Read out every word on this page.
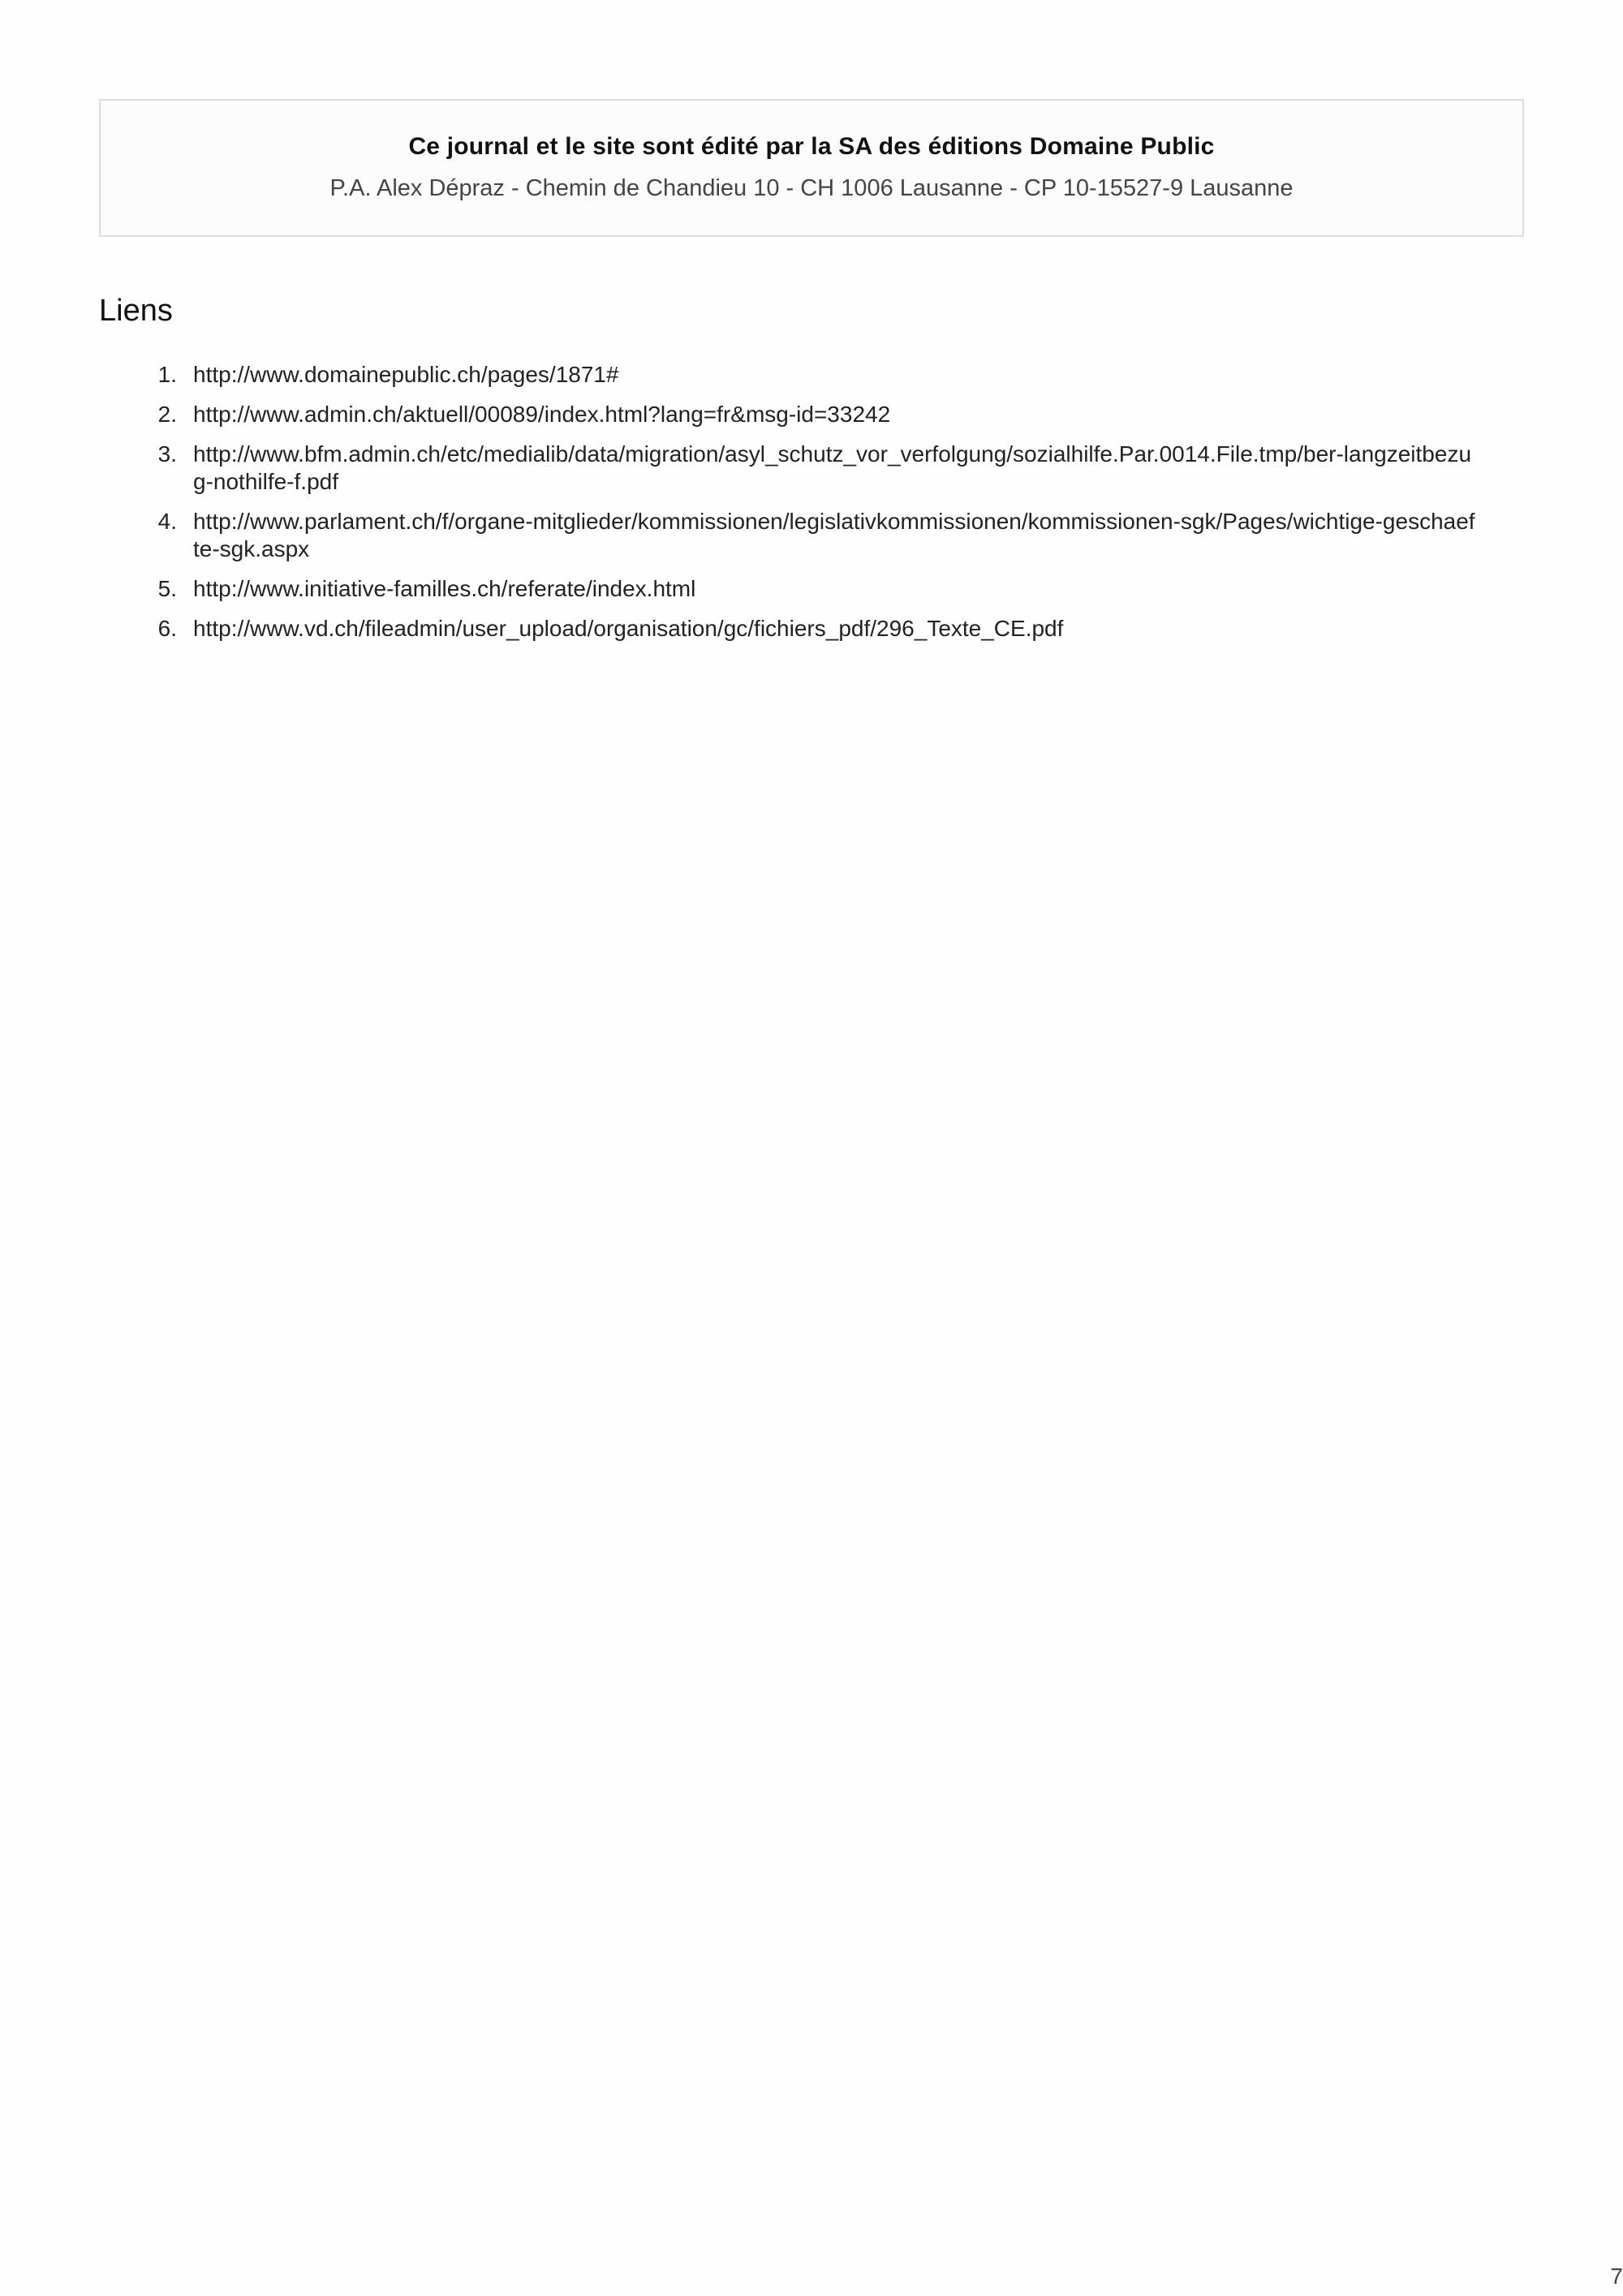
Ce journal et le site sont édité par la SA des éditions Domaine Public
P.A. Alex Dépraz - Chemin de Chandieu 10 - CH 1006 Lausanne - CP 10-15527-9 Lausanne
Liens
1. http://www.domainepublic.ch/pages/1871#
2. http://www.admin.ch/aktuell/00089/index.html?lang=fr&msg-id=33242
3. http://www.bfm.admin.ch/etc/medialib/data/migration/asyl_schutz_vor_verfolgung/sozialhilfe.Par.0014.File.tmp/ber-langzeitbezug-nothilfe-f.pdf
4. http://www.parlament.ch/f/organe-mitglieder/kommissionen/legislativkommissionen/kommissionen-sgk/Pages/wichtige-geschaefte-sgk.aspx
5. http://www.initiative-familles.ch/referate/index.html
6. http://www.vd.ch/fileadmin/user_upload/organisation/gc/fichiers_pdf/296_Texte_CE.pdf
7
